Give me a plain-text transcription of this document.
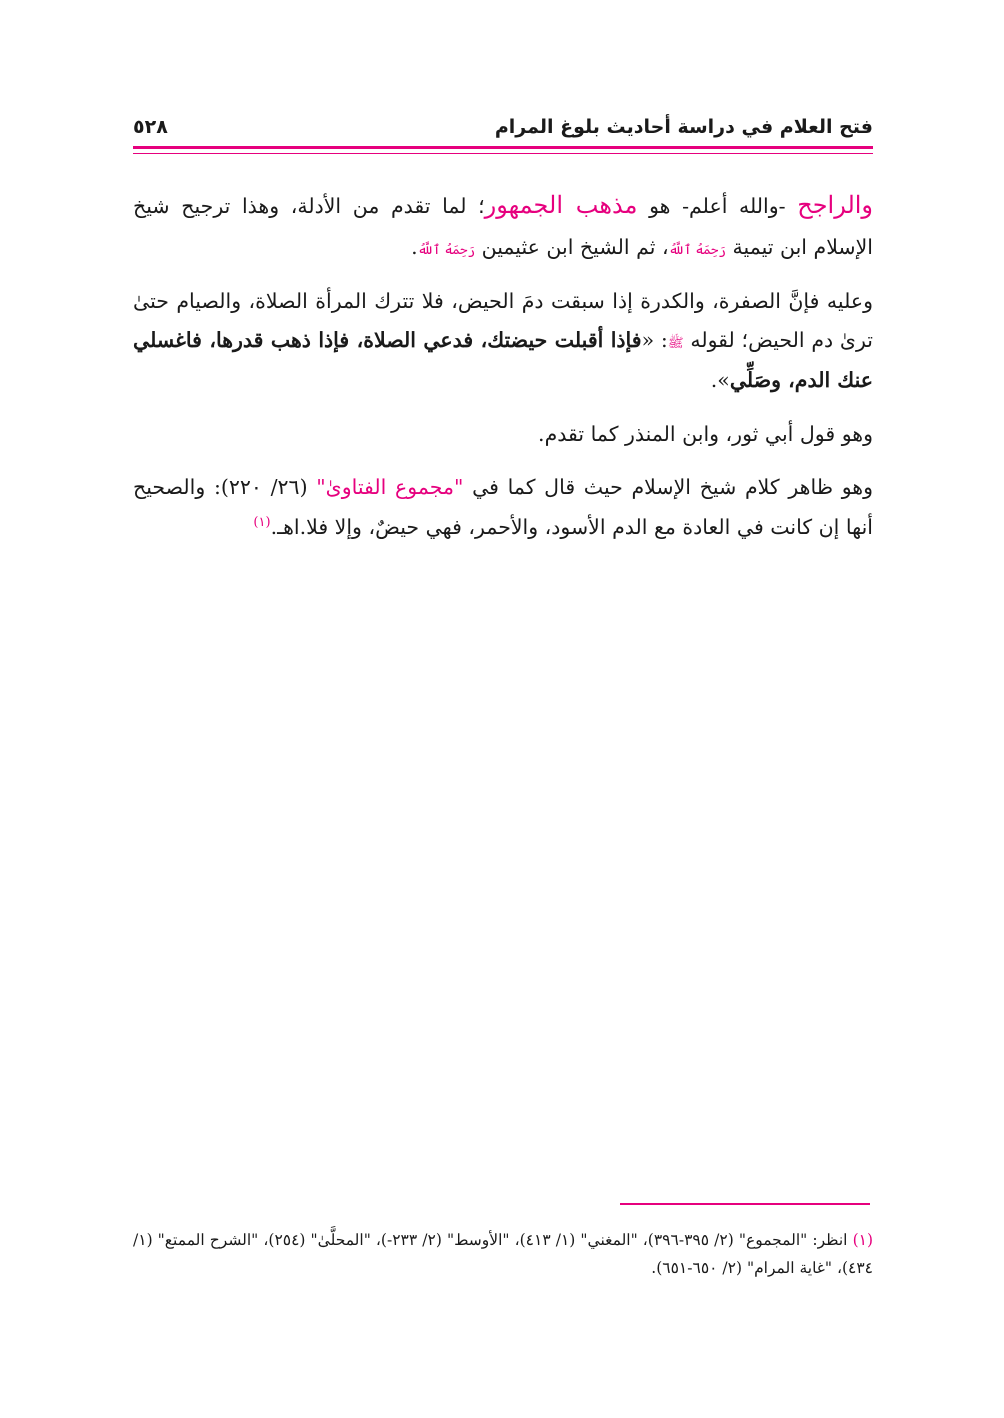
٥٢٨	فتح العلام في دراسة أحاديث بلوغ المرام

والراجح -والله أعلم- هو مذهب الجمهور؛ لما تقدم من الأدلة، وهذا ترجيح شيخ الإسلام ابن تيمية رَحِمَهُ ٱللَّهُ، ثم الشيخ ابن عثيمين رَحِمَهُ ٱللَّهُ.

وعليه فإنَّ الصفرة، والكدرة إذا سبقت دمَ الحيض، فلا تترك المرأة الصلاة، والصيام حتىٰ ترىٰ دم الحيض؛ لقوله ﷺ: «فإذا أقبلت حيضتك، فدعي الصلاة، فإذا ذهب قدرها، فاغسلي عنك الدم، وصَلِّي».

وهو قول أبي ثور، وابن المنذر كما تقدم.

وهو ظاهر كلام شيخ الإسلام حيث قال كما في "مجموع الفتاوىٰ" (٢٦/ ٢٢٠): والصحيح أنها إن كانت في العادة مع الدم الأسود، والأحمر، فهي حيضٌ، وإلا فلا.اهـ.$^{(١)}$

(١) انظر: "المجموع" (٢/ ٣٩٥-٣٩٦)، "المغني" (١/ ٤١٣)، "الأوسط" (٢/ ٢٣٣-)، "المحلَّىٰ" (٢٥٤)، "الشرح الممتع" (١/ ٤٣٤)، "غاية المرام" (٢/ ٦٥٠-٦٥١).
